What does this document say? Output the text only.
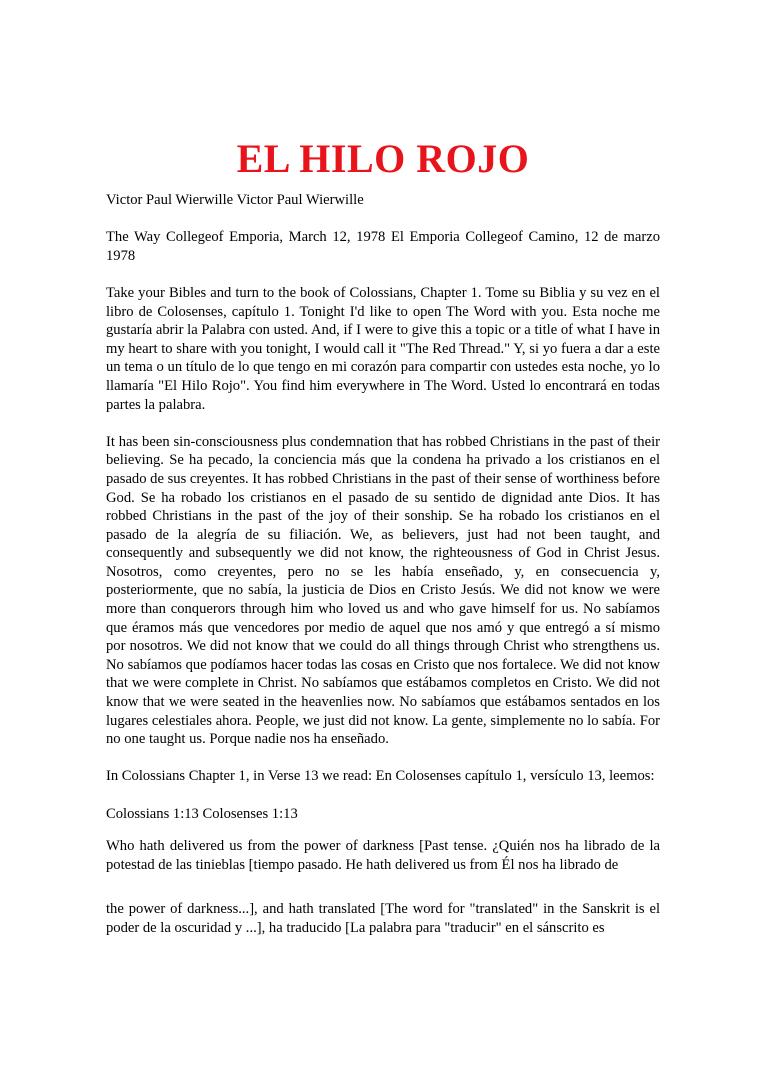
EL HILO ROJO

Victor Paul Wierwille Victor Paul Wierwille

The Way Collegeof Emporia, March 12, 1978 El Emporia Collegeof Camino, 12 de marzo 1978

Take your Bibles and turn to the book of Colossians, Chapter 1. Tome su Biblia y su vez en el libro de Colosenses, capítulo 1. Tonight I'd like to open The Word with you. Esta noche me gustaría abrir la Palabra con usted. And, if I were to give this a topic or a title of what I have in my heart to share with you tonight, I would call it "The Red Thread." Y, si yo fuera a dar a este un tema o un título de lo que tengo en mi corazón para compartir con ustedes esta noche, yo lo llamaría "El Hilo Rojo". You find him everywhere in The Word. Usted lo encontrará en todas partes la palabra.

It has been sin-consciousness plus condemnation that has robbed Christians in the past of their believing. Se ha pecado, la conciencia más que la condena ha privado a los cristianos en el pasado de sus creyentes. It has robbed Christians in the past of their sense of worthiness before God. Se ha robado los cristianos en el pasado de su sentido de dignidad ante Dios. It has robbed Christians in the past of the joy of their sonship. Se ha robado los cristianos en el pasado de la alegría de su filiación. We, as believers, just had not been taught, and consequently and subsequently we did not know, the righteousness of God in Christ Jesus. Nosotros, como creyentes, pero no se les había enseñado, y, en consecuencia y, posteriormente, que no sabía, la justicia de Dios en Cristo Jesús. We did not know we were more than conquerors through him who loved us and who gave himself for us. No sabíamos que éramos más que vencedores por medio de aquel que nos amó y que entregó a sí mismo por nosotros. We did not know that we could do all things through Christ who strengthens us. No sabíamos que podíamos hacer todas las cosas en Cristo que nos fortalece. We did not know that we were complete in Christ. No sabíamos que estábamos completos en Cristo. We did not know that we were seated in the heavenlies now. No sabíamos que estábamos sentados en los lugares celestiales ahora. People, we just did not know. La gente, simplemente no lo sabía. For no one taught us. Porque nadie nos ha enseñado.

In Colossians Chapter 1, in Verse 13 we read: En Colosenses capítulo 1, versículo 13, leemos:

Colossians 1:13 Colosenses 1:13

Who hath delivered us from the power of darkness [Past tense. ¿Quién nos ha librado de la potestad de las tinieblas [tiempo pasado. He hath delivered us from Él nos ha librado de

the power of darkness...], and hath translated [The word for "translated" in the Sanskrit is el poder de la oscuridad y ...], ha traducido [La palabra para "traducir" en el sánscrito es
